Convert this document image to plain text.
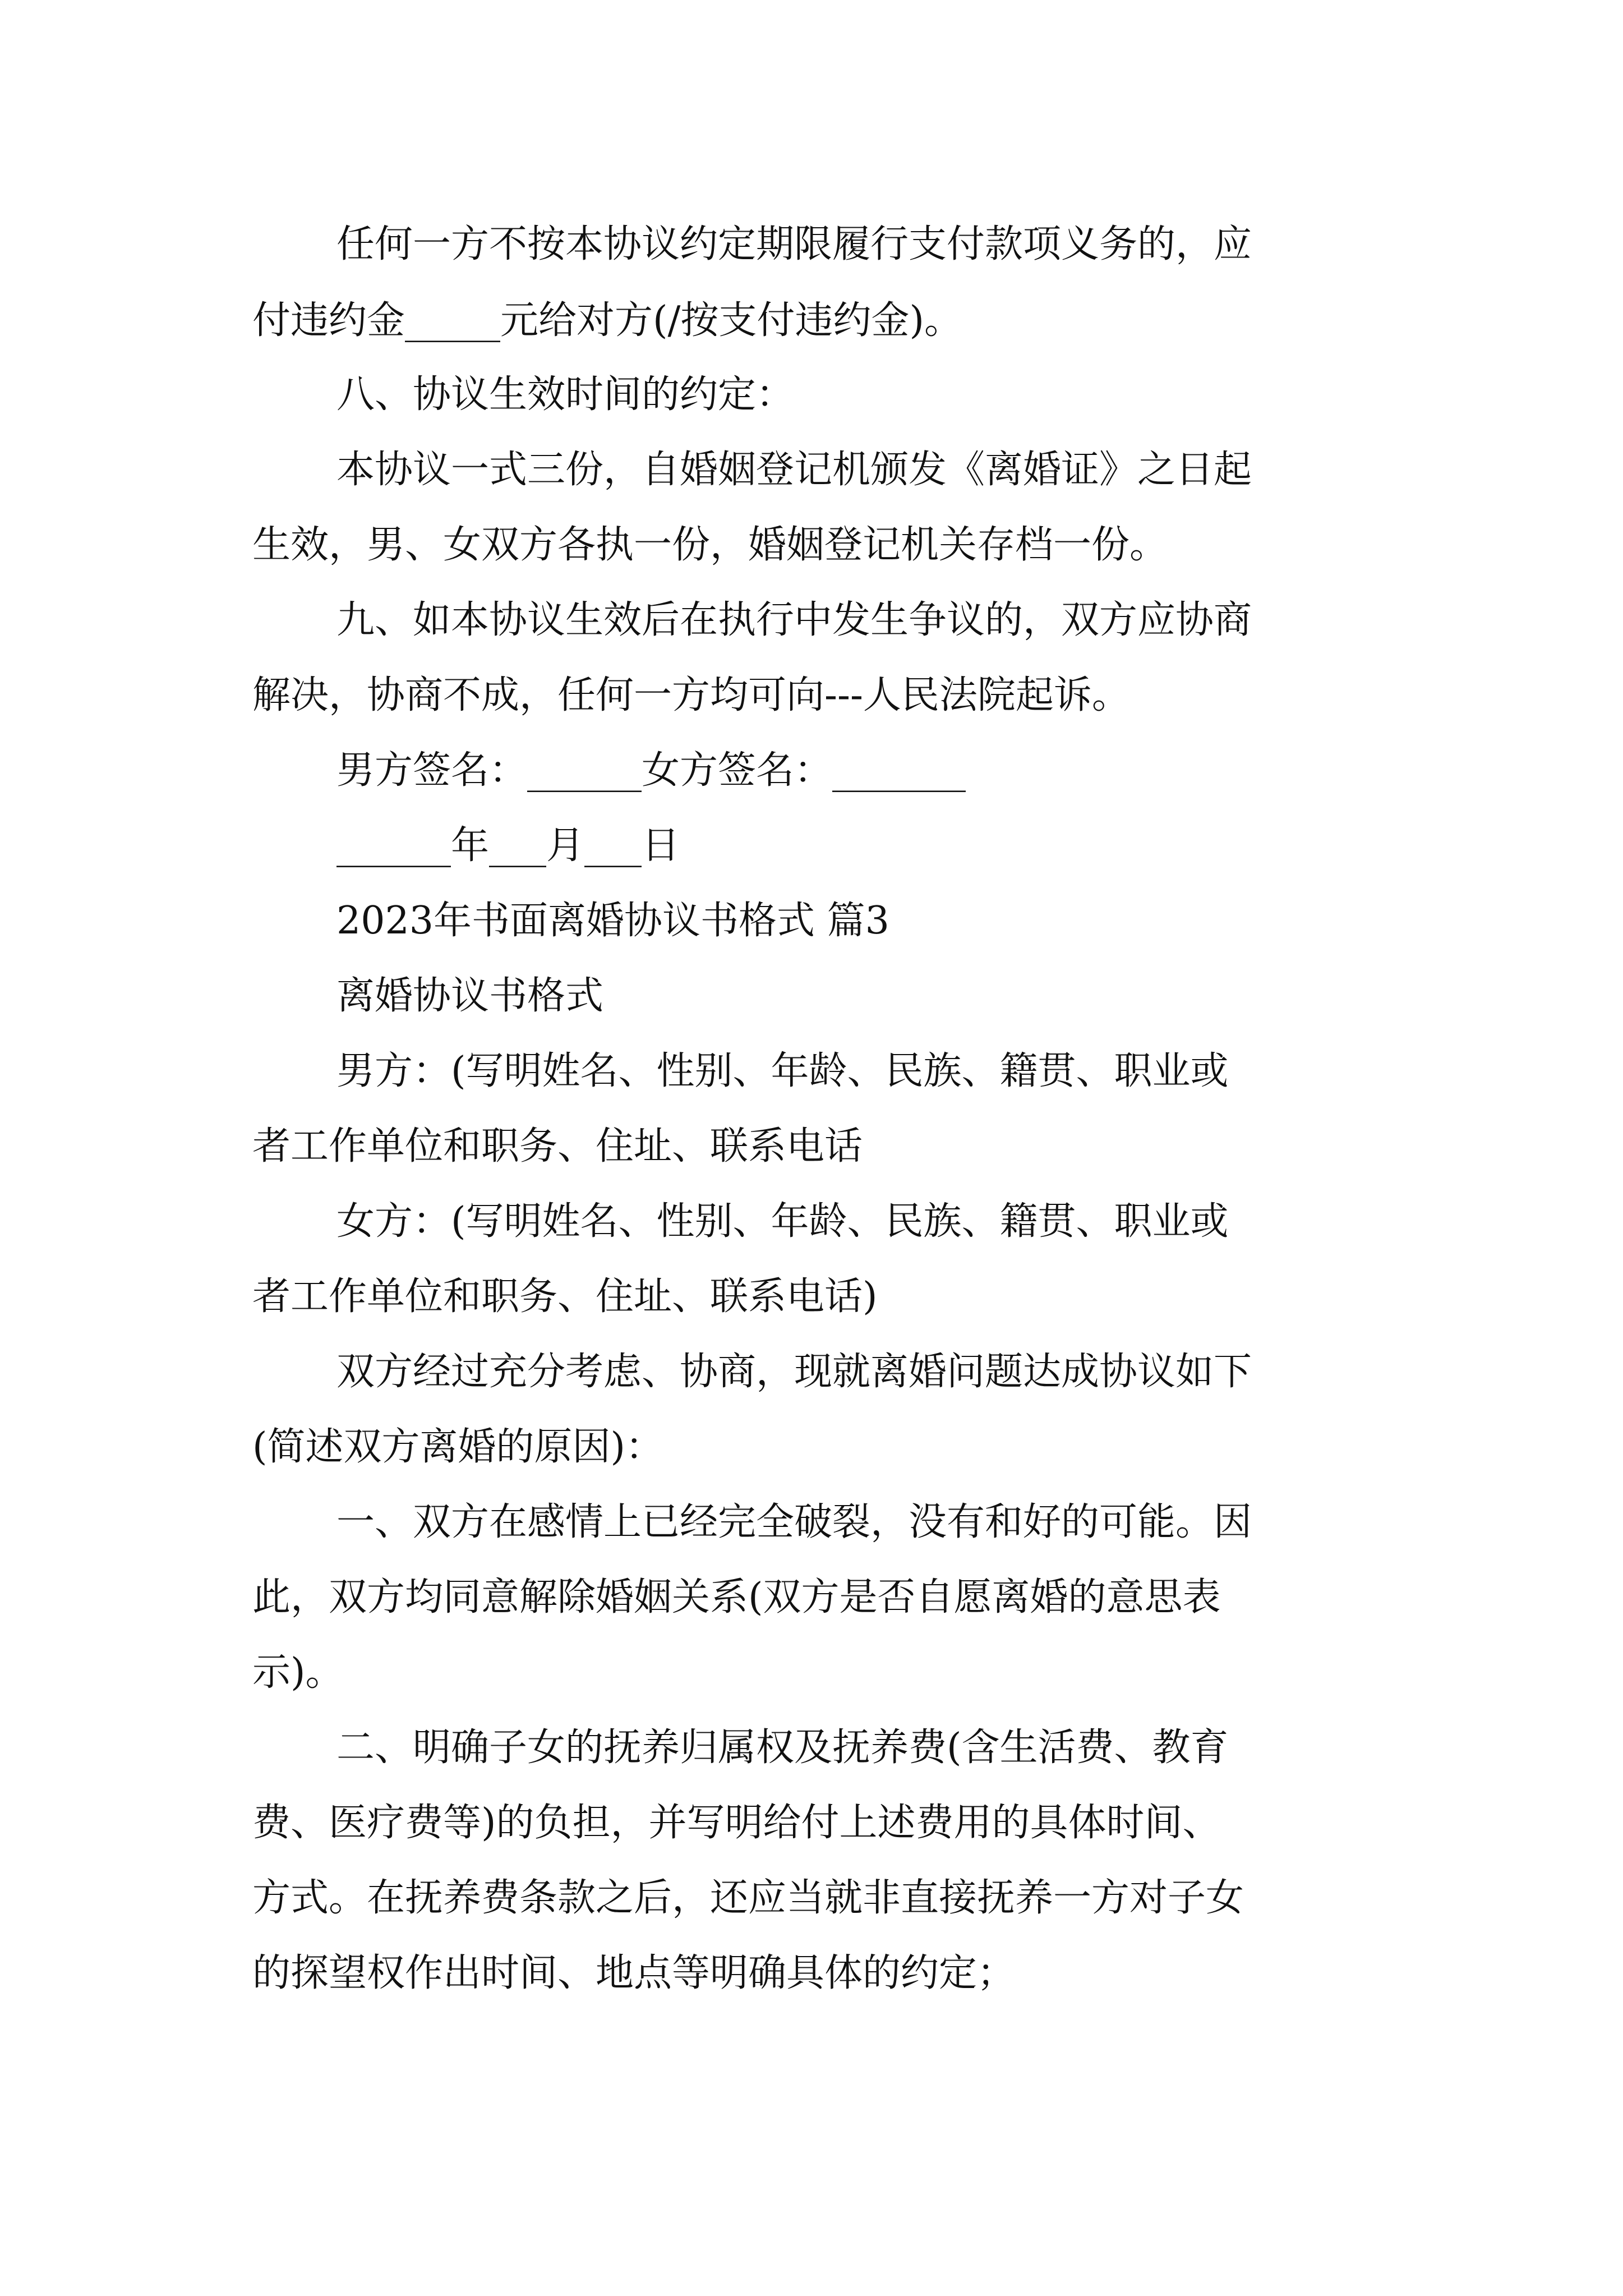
任何一方不按本协议约定期限履行支付款项义务的，应
付违约金_____元给对方(/按支付违约金)。
八、协议生效时间的约定：
本协议一式三份，自婚姻登记机颁发《离婚证》之日起
生效，男、女双方各执一份，婚姻登记机关存档一份。
九、如本协议生效后在执行中发生争议的，双方应协商
解决，协商不成，任何一方均可向---人民法院起诉。
男方签名：______女方签名：_______
______年___月___日
2023年书面离婚协议书格式 篇3
离婚协议书格式
男方：(写明姓名、性别、年龄、民族、籍贯、职业或
者工作单位和职务、住址、联系电话
女方：(写明姓名、性别、年龄、民族、籍贯、职业或
者工作单位和职务、住址、联系电话)
双方经过充分考虑、协商，现就离婚问题达成协议如下
(简述双方离婚的原因)：
一、双方在感情上已经完全破裂，没有和好的可能。因
此，双方均同意解除婚姻关系(双方是否自愿离婚的意思表
示)。
二、明确子女的抚养归属权及抚养费(含生活费、教育
费、医疗费等)的负担，并写明给付上述费用的具体时间、
方式。在抚养费条款之后，还应当就非直接抚养一方对子女
的探望权作出时间、地点等明确具体的约定；
